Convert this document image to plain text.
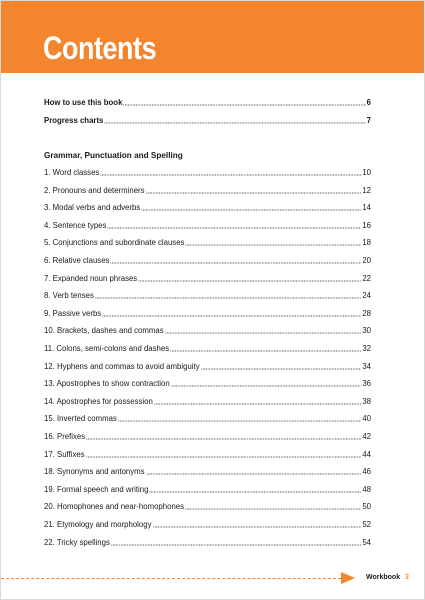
Contents
How to use this book	6
Progress charts	7
Grammar, Punctuation and Spelling
1. Word classes	10
2. Pronouns and determiners	12
3. Modal verbs and adverbs	14
4. Sentence types	16
5. Conjunctions and subordinate clauses	18
6. Relative clauses	20
7. Expanded noun phrases	22
8. Verb tenses	24
9. Passive verbs	28
10. Brackets, dashes and commas	30
11. Colons, semi-colons and dashes	32
12. Hyphens and commas to avoid ambiguity	34
13. Apostrophes to show contraction	36
14. Apostrophes for possession	38
15. Inverted commas	40
16. Prefixes	42
17. Suffixes	44
18. Synonyms and antonyms	46
19. Formal speech and writing	48
20. Homophones and near-homophones	50
21. Etymology and morphology	52
22. Tricky spellings	54
Workbook 3
